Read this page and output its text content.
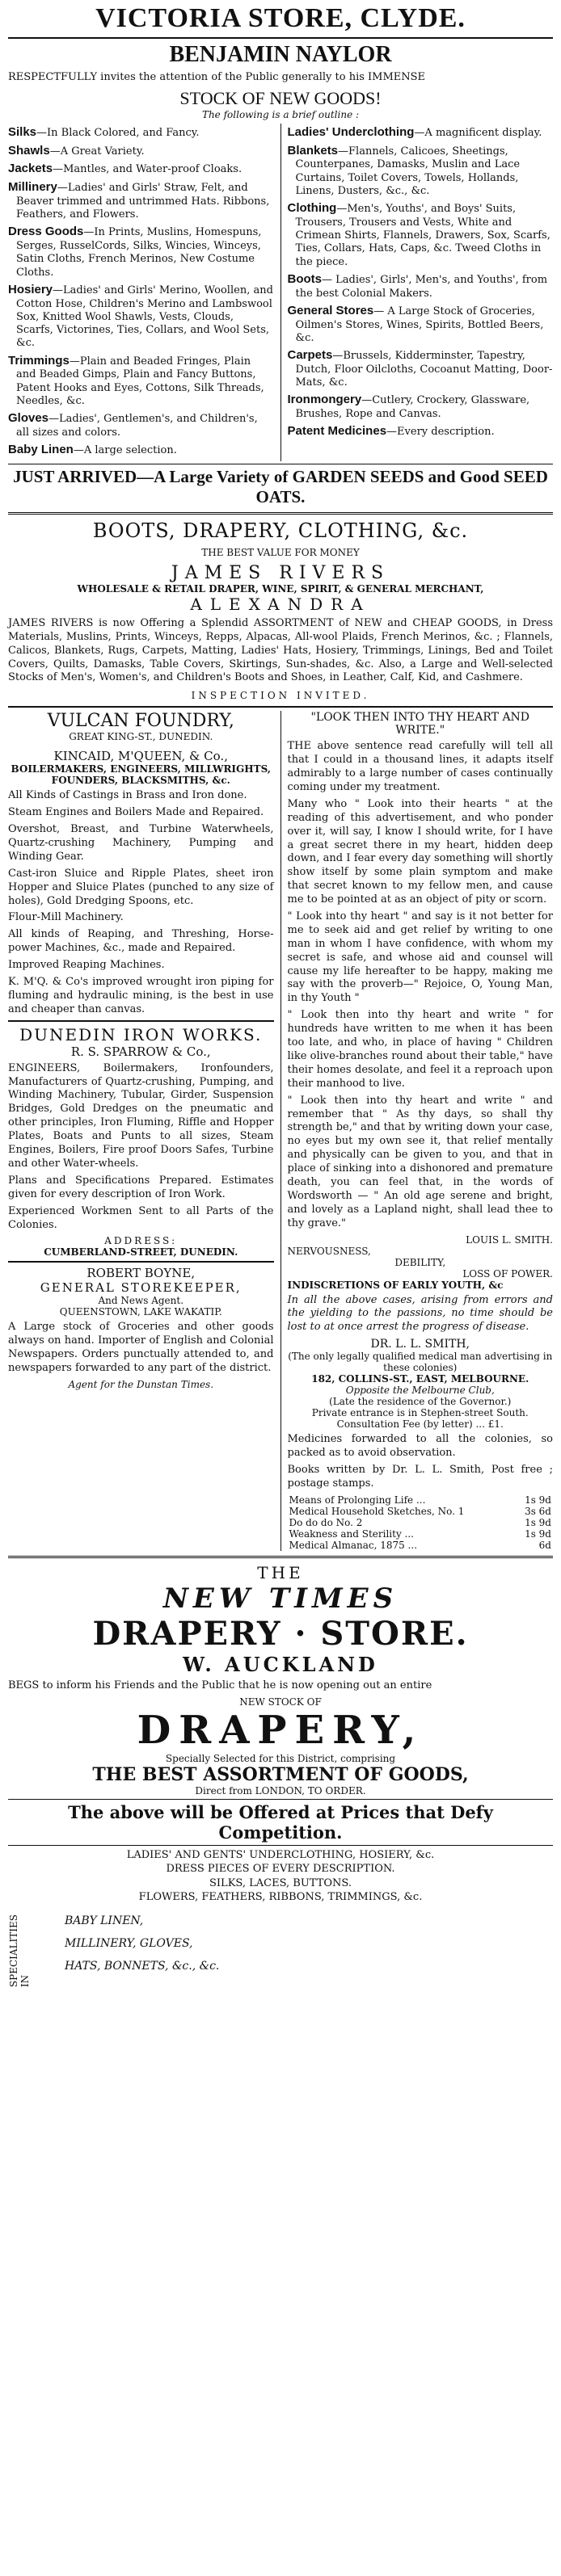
VICTORIA STORE, CLYDE.
BENJAMIN NAYLOR
RESPECTFULLY invites the attention of the Public generally to his IMMENSE
STOCK OF NEW GOODS!
The following is a brief outline :
Silks—In Black Colored, and Fancy.
Shawls—A Great Variety.
Jackets—Mantles, and Water-proof Cloaks.
Millinery—Ladies' and Girls' Straw, Felt, and Beaver trimmed and untrimmed Hats. Ribbons, Feathers, and Flowers.
Dress Goods—In Prints, Muslins, Homespuns, Serges, RusselCords, Silks, Wincies, Winceys, Satin Cloths, French Merinos, New Costume Cloths.
Hosiery—Ladies' and Girls' Merino, Woollen, and Cotton Hose, Children's Merino and Lambswool Sox, Knitted Wool Shawls, Vests, Clouds, Scarfs, Victorines, Ties, Collars, and Wool Sets, &c.
Trimmings—Plain and Beaded Fringes, Plain and Beaded Gimps, Plain and Fancy Buttons, Patent Hooks and Eyes, Cottons, Silk Threads, Needles, &c.
Gloves—Ladies', Gentlemen's, and Children's, all sizes and colors.
Baby Linen—A large selection.
Ladies' Underclothing—A magnificent display.
Blankets—Flannels, Calicoes, Sheetings, Counterpanes, Damasks, Muslin and Lace Curtains, Toilet Covers, Towels, Hollands, Linens, Dusters, &c., &c.
Clothing—Men's, Youths', and Boys' Suits, Trousers, Trousers and Vests, White and Crimean Shirts, Flannels, Drawers, Sox, Scarfs, Ties, Collars, Hats, Caps, &c. Tweed Cloths in the piece.
Boots— Ladies', Girls', Men's, and Youths', from the best Colonial Makers.
General Stores— A Large Stock of Groceries, Oilmen's Stores, Wines, Spirits, Bottled Beers, &c.
Carpets—Brussels, Kidderminster, Tapestry, Dutch, Floor Oilcloths, Cocoanut Matting, Door-Mats, &c.
Ironmongery—Cutlery, Crockery, Glassware, Brushes, Rope and Canvas.
Patent Medicines—Every description.
JUST ARRIVED—A Large Variety of GARDEN SEEDS and Good SEED OATS.
BOOTS, DRAPERY, CLOTHING, &c.
THE BEST VALUE FOR MONEY
JAMES RIVERS
WHOLESALE & RETAIL DRAPER, WINE, SPIRIT, & GENERAL MERCHANT,
ALEXANDRA
JAMES RIVERS is now Offering a Splendid ASSORTMENT of NEW and CHEAP GOODS, in Dress Materials, Muslins, Prints, Winceys, Repps, Alpacas, All-wool Plaids, French Merinos, &c. ; Flannels, Calicos, Blankets, Rugs, Carpets, Matting, Ladies' Hats, Hosiery, Trimmings, Linings, Bed and Toilet Covers, Quilts, Damasks, Table Covers, Skirtings, Sun-shades, &c. Also, a Large and Well-selected Stocks of Men's, Women's, and Children's Boots and Shoes, in Leather, Calf, Kid, and Cashmere.
INSPECTION INVITED.
VULCAN FOUNDRY,
GREAT KING-ST., DUNEDIN.
KINCAID, M'QUEEN, & Co.,
BOILERMAKERS, ENGINEERS, MILLWRIGHTS, FOUNDERS, BLACKSMITHS, &c.
All Kinds of Castings in Brass and Iron done.
Steam Engines and Boilers Made and Repaired.
Overshot, Breast, and Turbine Waterwheels, Quartz-crushing Machinery, Pumping and Winding Gear.
Cast-iron Sluice and Ripple Plates, sheet iron Hopper and Sluice Plates (punched to any size of holes), Gold Dredging Spoons, etc.
Flour-Mill Machinery.
All kinds of Reaping, and Threshing, Horse-power Machines, &c., made and Repaired.
Improved Reaping Machines.
K. M'Q. & Co's improved wrought iron piping for fluming and hydraulic mining, is the best in use and cheaper than canvas.
DUNEDIN IRON WORKS.
R. S. SPARROW & Co.,
ENGINEERS, Boilermakers, Ironfounders, Manufacturers of Quartz-crushing, Pumping, and Winding Machinery, Tubular, Girder, Suspension Bridges, Gold Dredges on the pneumatic and other principles, Iron Fluming, Riffle and Hopper Plates, Boats and Punts to all sizes, Steam Engines, Boilers, Fire proof Doors Safes, Turbine and other Water-wheels.
Plans and Specifications Prepared. Estimates given for every description of Iron Work.
Experienced Workmen Sent to all Parts of the Colonies.
ADDRESS:
CUMBERLAND-STREET, DUNEDIN.
ROBERT BOYNE,
GENERAL STOREKEEPER,
And News Agent.
QUEENSTOWN, LAKE WAKATIP.
A Large stock of Groceries and other goods always on hand. Importer of English and Colonial Newspapers. Orders punctually attended to, and newspapers forwarded to any part of the district.
Agent for the Dunstan Times.
"LOOK THEN INTO THY HEART AND WRITE."
THE above sentence read carefully will tell all that I could in a thousand lines, it adapts itself admirably to a large number of cases continually coming under my treatment.
Many who " Look into their hearts " at the reading of this advertisement, and who ponder over it, will say, I know I should write, for I have a great secret there in my heart, hidden deep down, and I fear every day something will shortly show itself by some plain symptom and make that secret known to my fellow men, and cause me to be pointed at as an object of pity or scorn.
" Look into thy heart " and say is it not better for me to seek aid and get relief by writing to one man in whom I have confidence, with whom my secret is safe, and whose aid and counsel will cause my life hereafter to be happy, making me say with the proverb—" Rejoice, O, Young Man, in thy Youth "
" Look then into thy heart and write " for hundreds have written to me when it has been too late, and who, in place of having " Children like olive-branches round about their table," have their homes desolate, and feel it a reproach upon their manhood to live.
" Look then into thy heart and write " and remember that " As thy days, so shall thy strength be," and that by writing down your case, no eyes but my own see it, that relief mentally and physically can be given to you, and that in place of sinking into a dishonored and premature death, you can feel that, in the words of Wordsworth — " An old age serene and bright, and lovely as a Lapland night, shall lead thee to thy grave."
LOUIS L. SMITH.
NERVOUSNESS,
DEBILITY,
LOSS OF POWER.
INDISCRETIONS OF EARLY YOUTH, &c
In all the above cases, arising from errors and the yielding to the passions, no time should be lost to at once arrest the progress of disease.
DR. L. L. SMITH,
(The only legally qualified medical man advertising in these colonies)
182, COLLINS-ST., EAST, MELBOURNE.
Opposite the Melbourne Club,
(Late the residence of the Governor.)
Private entrance is in Stephen-street South.
Consultation Fee (by letter) ... £1.
Medicines forwarded to all the colonies, so packed as to avoid observation.
Books written by Dr. L. L. Smith, Post free ; postage stamps.
Means of Prolonging Life ...	1s 9d
Medical Household Sketches, No. 1	3s 6d
Do do do No. 2	1s 9d
Weakness and Sterility ...	1s 9d
Medical Almanac, 1875 ...	6d
THE
NEW TIMES
DRAPERY · STORE.
W. AUCKLAND
BEGS to inform his Friends and the Public that he is now opening out an entire
NEW STOCK OF
DRAPERY,
Specially Selected for this District, comprising
THE BEST ASSORTMENT OF GOODS,
Direct from LONDON, TO ORDER.
The above will be Offered at Prices that Defy Competition.
LADIES' AND GENTS' UNDERCLOTHING, HOSIERY, &c.
DRESS PIECES OF EVERY DESCRIPTION.
SILKS, LACES, BUTTONS.
FLOWERS, FEATHERS, RIBBONS, TRIMMINGS, &c.
SPECIALITIES IN
BABY LINEN,
MILLINERY, GLOVES,
HATS, BONNETS, &c., &c.
